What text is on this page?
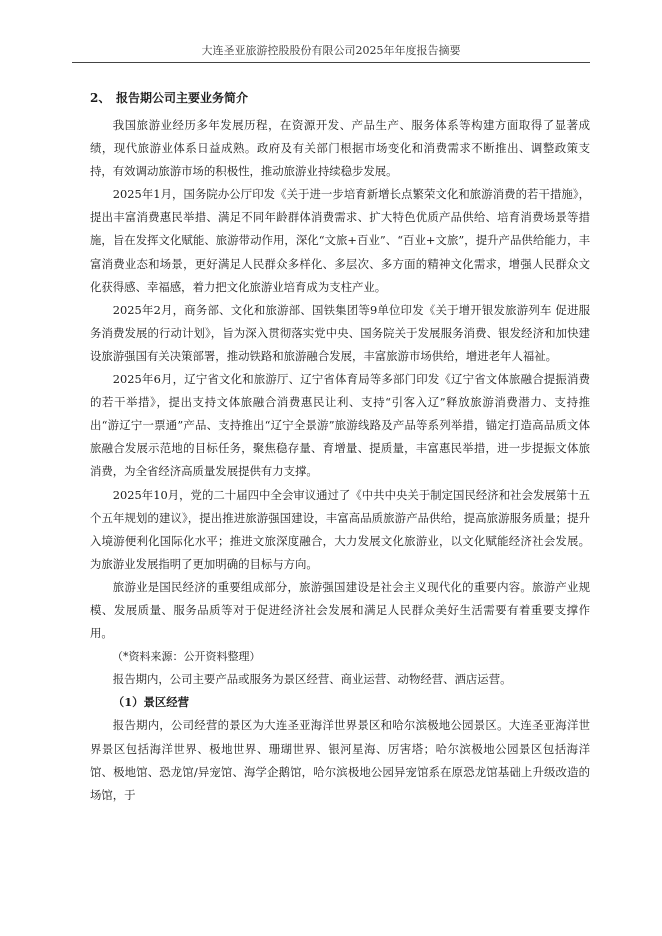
大连圣亚旅游控股股份有限公司2025年年度报告摘要
2、 报告期公司主要业务简介

我国旅游业经历多年发展历程，在资源开发、产品生产、服务体系等构建方面取得了显著成绩，现代旅游业体系日益成熟。政府及有关部门根据市场变化和消费需求不断推出、调整政策支持，有效调动旅游市场的积极性，推动旅游业持续稳步发展。

2025年1月，国务院办公厅印发《关于进一步培育新增长点繁荣文化和旅游消费的若干措施》，提出丰富消费惠民举措、满足不同年龄群体消费需求、扩大特色优质产品供给、培育消费场景等措施，旨在发挥文化赋能、旅游带动作用，深化“文旅+百业”、“百业+文旅”，提升产品供给能力，丰富消费业态和场景，更好满足人民群众多样化、多层次、多方面的精神文化需求，增强人民群众文化获得感、幸福感，着力把文化旅游业培育成为支柱产业。

2025年2月，商务部、文化和旅游部、国铁集团等9单位印发《关于增开银发旅游列车 促进服务消费发展的行动计划》，旨为深入贯彻落实党中央、国务院关于发展服务消费、银发经济和加快建设旅游强国有关决策部署，推动铁路和旅游融合发展，丰富旅游市场供给，增进老年人福祉。

2025年6月，辽宁省文化和旅游厅、辽宁省体育局等多部门印发《辽宁省文体旅融合提振消费的若干举措》，提出支持文体旅融合消费惠民让利、支持“引客入辽”释放旅游消费潜力、支持推出“游辽宁一票通”产品、支持推出“辽宁全景游”旅游线路及产品等系列举措，锚定打造高品质文体旅融合发展示范地的目标任务，聚焦稳存量、育增量、提质量，丰富惠民举措，进一步提振文体旅消费，为全省经济高质量发展提供有力支撑。

2025年10月，党的二十届四中全会审议通过了《中共中央关于制定国民经济和社会发展第十五个五年规划的建议》，提出推进旅游强国建设，丰富高品质旅游产品供给，提高旅游服务质量；提升入境游便利化国际化水平；推进文旅深度融合，大力发展文化旅游业，以文化赋能经济社会发展。为旅游业发展指明了更加明确的目标与方向。

旅游业是国民经济的重要组成部分，旅游强国建设是社会主义现代化的重要内容。旅游产业规模、发展质量、服务品质等对于促进经济社会发展和满足人民群众美好生活需要有着重要支撑作用。

（*资料来源：公开资料整理）

报告期内，公司主要产品或服务为景区经营、商业运营、动物经营、酒店运营。

（1）景区经营

报告期内，公司经营的景区为大连圣亚海洋世界景区和哈尔滨极地公园景区。大连圣亚海洋世界景区包括海洋世界、极地世界、珊瑚世界、银河星海、厉害塔；哈尔滨极地公园景区包括海洋馆、极地馆、恐龙馆/异宠馆、海学企鹅馆，哈尔滨极地公园异宠馆系在原恐龙馆基础上升级改造的场馆，于
